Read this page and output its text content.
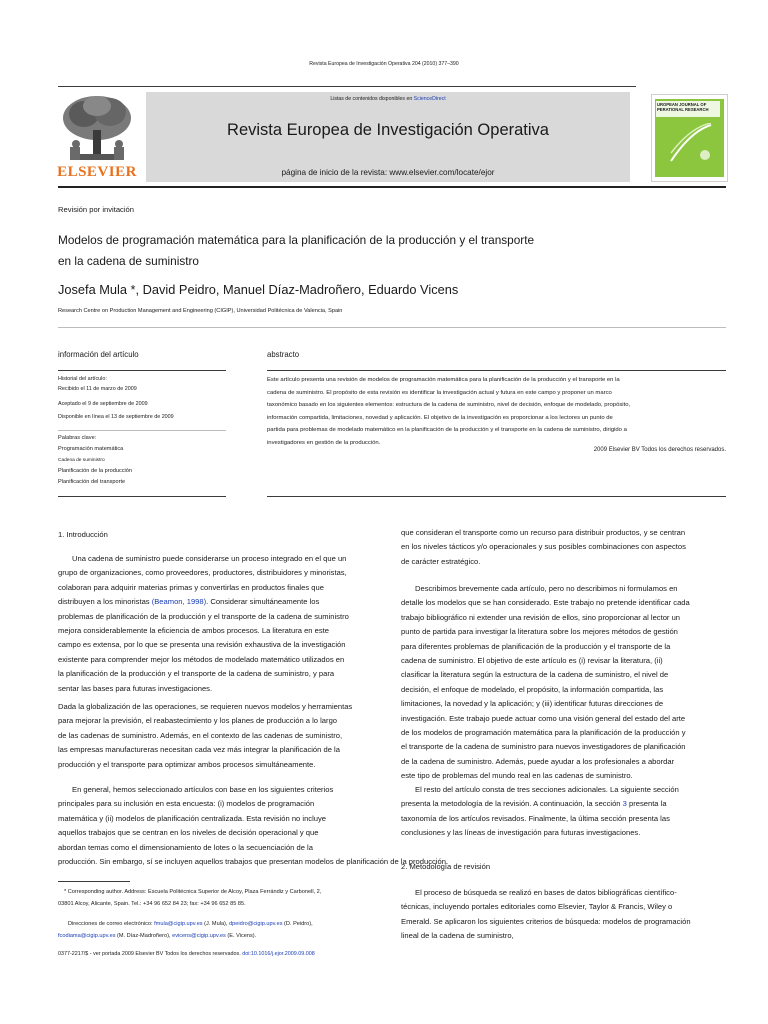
Revista Europea de Investigación Operativa 204 (2010) 377–390
ELSEVIER
Listas de contenidos disponibles en ScienceDirect
Revista Europea de Investigación Operativa
página de inicio de la revista: www.elsevier.com/locate/ejor
UROPEAN JOURNAL OF
PERATIONAL RESEARCH
Revisión por invitación
Modelos de programación matemática para la planificación de la producción y el transporte
en la cadena de suministro
Josefa Mula *, David Peidro, Manuel Díaz-Madroñero, Eduardo Vicens
Research Centre on Production Management and Engineering (CIGIP), Universidad Politécnica de Valencia, Spain
información del artículo
Historial del artículo:
Recibido el 11 de marzo de 2009
Aceptado el 9 de septiembre de 2009
Disponible en línea el 13 de septiembre de 2009
Palabras clave:
Programación matemática
Cadena de suministro
Planificación de la producción
Planificación del transporte
abstracto
Este artículo presenta una revisión de modelos de programación matemática para la planificación de la producción y el transporte en la
cadena de suministro. El propósito de esta revisión es identificar la investigación actual y futura en este campo y proponer un marco
taxonómico basado en los siguientes elementos: estructura de la cadena de suministro, nivel de decisión, enfoque de modelado, propósito,
información compartida, limitaciones, novedad y aplicación. El objetivo de la investigación es proporcionar a los lectores un punto de
partida para problemas de modelado matemático en la planificación de la producción y el transporte en la cadena de suministro, dirigido a
investigadores en gestión de la producción.
2009 Elsevier BV Todos los derechos reservados.
1. Introducción
Una cadena de suministro puede considerarse un proceso integrado en el que un
grupo de organizaciones, como proveedores, productores, distribuidores y minoristas,
colaboran para adquirir materias primas y convertirlas en productos finales que
distribuyen a los minoristas (Beamon, 1998). Considerar simultáneamente los
problemas de planificación de la producción y el transporte de la cadena de suministro
mejora considerablemente la eficiencia de ambos procesos. La literatura en este
campo es extensa, por lo que se presenta una revisión exhaustiva de la investigación
existente para comprender mejor los métodos de modelado matemático utilizados en
la planificación de la producción y el transporte de la cadena de suministro, y para
sentar las bases para futuras investigaciones.
Dada la globalización de las operaciones, se requieren nuevos modelos y herramientas
para mejorar la previsión, el reabastecimiento y los planes de producción a lo largo
de las cadenas de suministro. Además, en el contexto de las cadenas de suministro,
las empresas manufactureras necesitan cada vez más integrar la planificación de la
producción y el transporte para optimizar ambos procesos simultáneamente.
En general, hemos seleccionado artículos con base en los siguientes criterios
principales para su inclusión en esta encuesta: (i) modelos de programación
matemática y (ii) modelos de planificación centralizada. Esta revisión no incluye
aquellos trabajos que se centran en los niveles de decisión operacional y que
abordan temas como el dimensionamiento de lotes o la secuenciación de la
producción. Sin embargo, sí se incluyen aquellos trabajos que presentan modelos de planificación de la producción.
que consideran el transporte como un recurso para distribuir productos, y se centran
en los niveles tácticos y/o operacionales y sus posibles combinaciones con aspectos
de carácter estratégico.
Describimos brevemente cada artículo, pero no describimos ni formulamos en
detalle los modelos que se han considerado. Este trabajo no pretende identificar cada
trabajo bibliográfico ni extender una revisión de ellos, sino proporcionar al lector un
punto de partida para investigar la literatura sobre los mejores métodos de gestión
para diferentes problemas de planificación de la producción y el transporte de la
cadena de suministro. El objetivo de este artículo es (i) revisar la literatura, (ii)
clasificar la literatura según la estructura de la cadena de suministro, el nivel de
decisión, el enfoque de modelado, el propósito, la información compartida, las
limitaciones, la novedad y la aplicación; y (iii) identificar futuras direcciones de
investigación. Este trabajo puede actuar como una visión general del estado del arte
de los modelos de programación matemática para la planificación de la producción y
el transporte de la cadena de suministro para nuevos investigadores de planificación
de la cadena de suministro. Además, puede ayudar a los profesionales a abordar
este tipo de problemas del mundo real en las cadenas de suministro.
El resto del artículo consta de tres secciones adicionales. La siguiente sección
presenta la metodología de la revisión. A continuación, la sección 3 presenta la
taxonomía de los artículos revisados. Finalmente, la última sección presenta las
conclusiones y las líneas de investigación para futuras investigaciones.
2. Metodología de revisión
El proceso de búsqueda se realizó en bases de datos bibliográficas científico-
técnicas, incluyendo portales editoriales como Elsevier, Taylor & Francis, Wiley o
Emerald. Se aplicaron los siguientes criterios de búsqueda: modelos de programación
lineal de la cadena de suministro,
* Corresponding author. Address: Escuela Politécnica Superior de Alcoy, Plaza Ferrándiz y Carbonell, 2,
03801 Alcoy, Alicante, Spain. Tel.: +34 96 652 84 23; fax: +34 96 652 85 85.
Direcciones de correo electrónico: fmula@cigip.upv.es (J. Mula), dpeidro@cigip.upv.es (D. Peidro),
fcodiama@cigip.upv.es (M. Díaz-Madroñero), evicens@cigip.upv.es (E. Vicens).
0377-2217/$ - ver portada 2009 Elsevier BV Todos los derechos reservados. doi:10.1016/j.ejor.2009.09.008
